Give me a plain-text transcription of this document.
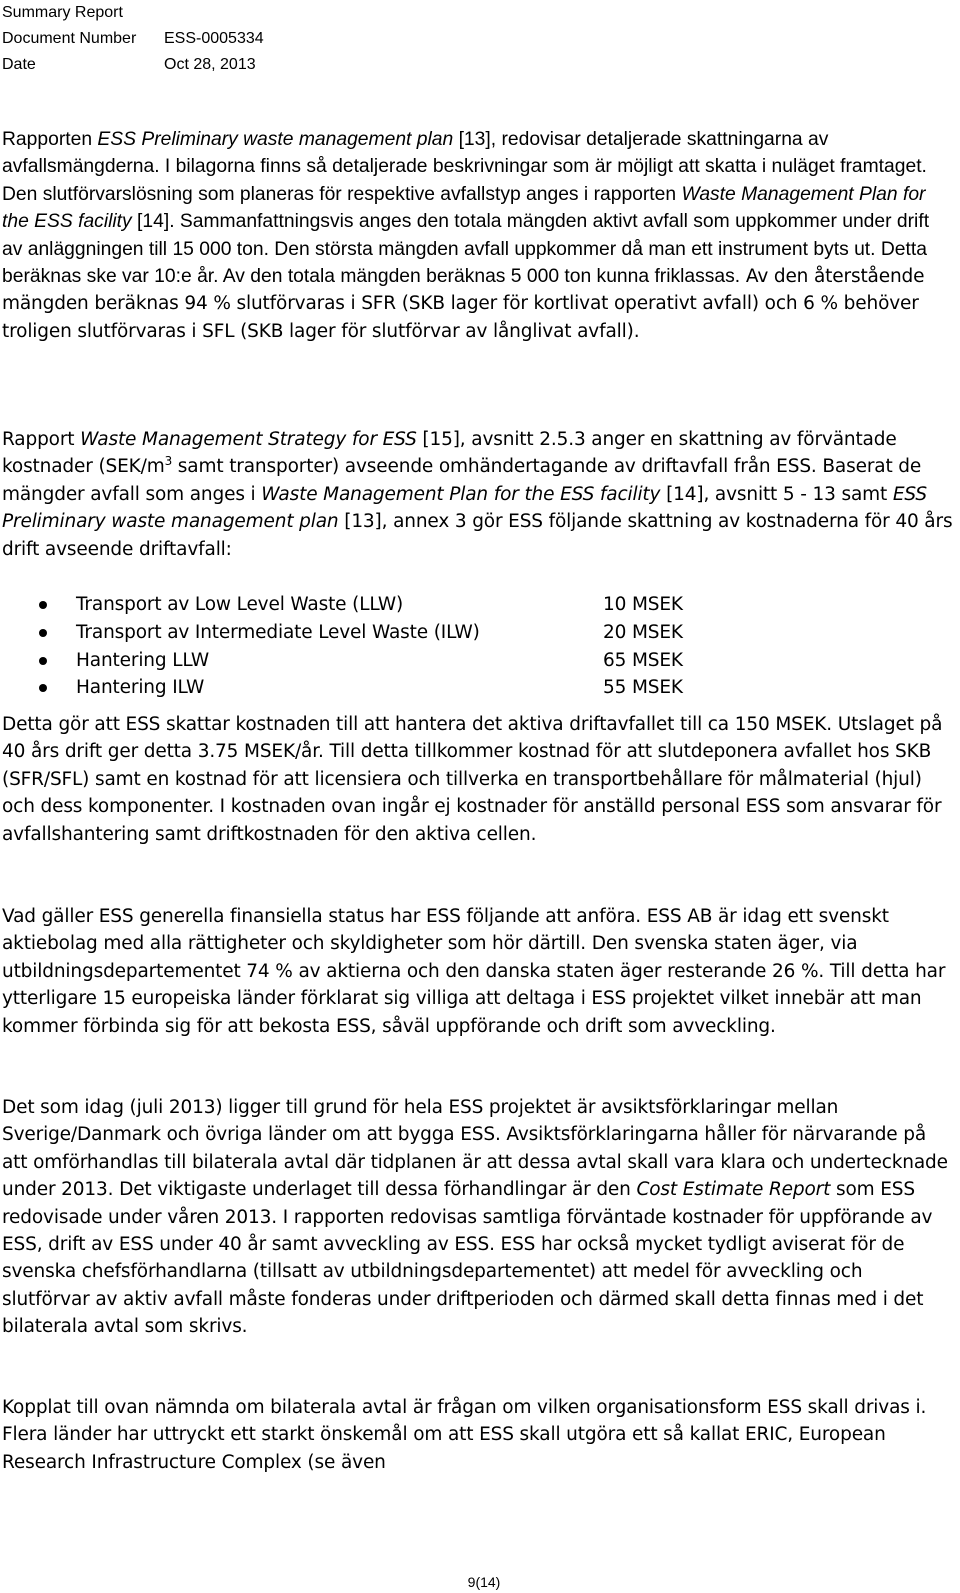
Summary Report
Document Number	ESS-0005334
Date	Oct 28, 2013

Rapporten ESS Preliminary waste management plan [13], redovisar detaljerade skattningarna av avfallsmängderna. I bilagorna finns så detaljerade beskrivningar som är möjligt att skatta i nuläget framtaget. Den slutförvarslösning som planeras för respektive avfallstyp anges i rapporten Waste Management Plan for the ESS facility [14]. Sammanfattningsvis anges den totala mängden aktivt avfall som uppkommer under drift av anläggningen till 15 000 ton. Den största mängden avfall uppkommer då man ett instrument byts ut. Detta beräknas ske var 10:e år. Av den totala mängden beräknas 5 000 ton kunna friklassas. Av den återstående mängden beräknas 94 % slutförvaras i SFR (SKB lager för kortlivat operativt avfall) och 6 % behöver troligen slutförvaras i SFL (SKB lager för slutförvar av långlivat avfall).

Rapport Waste Management Strategy for ESS [15], avsnitt 2.5.3 anger en skattning av förväntade kostnader ($SEK/m^3$ samt transporter) avseende omhändertagande av driftavfall från ESS. Baserat de mängder avfall som anges i Waste Management Plan for the ESS facility [14], avsnitt 5 - 13 samt ESS Preliminary waste management plan [13], annex 3 gör ESS följande skattning av kostnaderna för 40 års drift avseende driftavfall:

Transport av Low Level Waste (LLW)	10 MSEK
Transport av Intermediate Level Waste (ILW)	20 MSEK
Hantering LLW	65 MSEK
Hantering ILW	55 MSEK

Detta gör att ESS skattar kostnaden till att hantera det aktiva driftavfallet till ca 150 MSEK. Utslaget på 40 års drift ger detta 3.75 MSEK/år. Till detta tillkommer kostnad för att slutdeponera avfallet hos SKB (SFR/SFL) samt en kostnad för att licensiera och tillverka en transportbehållare för målmaterial (hjul) och dess komponenter. I kostnaden ovan ingår ej kostnader för anställd personal ESS som ansvarar för avfallshantering samt driftkostnaden för den aktiva cellen.

Vad gäller ESS generella finansiella status har ESS följande att anföra. ESS AB är idag ett svenskt aktiebolag med alla rättigheter och skyldigheter som hör därtill. Den svenska staten äger, via utbildningsdepartementet 74 % av aktierna och den danska staten äger resterande 26 %. Till detta har ytterligare 15 europeiska länder förklarat sig villiga att deltaga i ESS projektet vilket innebär att man kommer förbinda sig för att bekosta ESS, såväl uppförande och drift som avveckling.

Det som idag (juli 2013) ligger till grund för hela ESS projektet är avsiktsförklaringar mellan Sverige/Danmark och övriga länder om att bygga ESS. Avsiktsförklaringarna håller för närvarande på att omförhandlas till bilaterala avtal där tidplanen är att dessa avtal skall vara klara och undertecknade under 2013. Det viktigaste underlaget till dessa förhandlingar är den Cost Estimate Report som ESS redovisade under våren 2013. I rapporten redovisas samtliga förväntade kostnader för uppförande av ESS, drift av ESS under 40 år samt avveckling av ESS. ESS har också mycket tydligt aviserat för de svenska chefsförhandlarna (tillsatt av utbildningsdepartementet) att medel för avveckling och slutförvar av aktiv avfall måste fonderas under driftperioden och därmed skall detta finnas med i det bilaterala avtal som skrivs.

Kopplat till ovan nämnda om bilaterala avtal är frågan om vilken organisationsform ESS skall drivas i. Flera länder har uttryckt ett starkt önskemål om att ESS skall utgöra ett så kallat ERIC, European Research Infrastructure Complex (se även

9(14)
